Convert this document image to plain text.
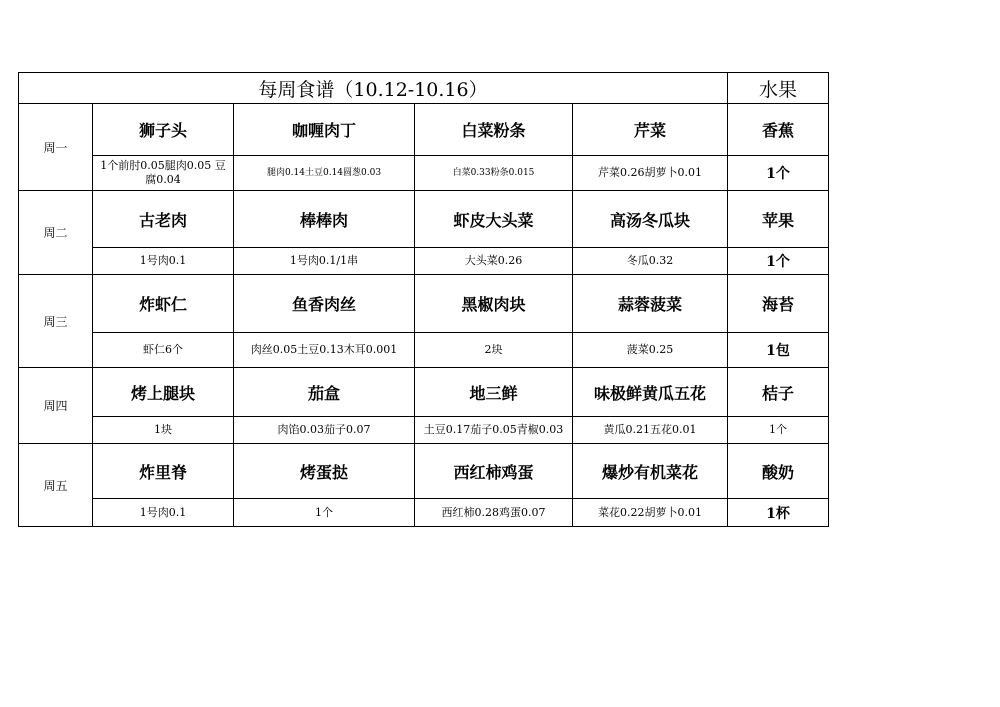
每周食谱（10.12-10.16）					水果
周一	狮子头	咖喱肉丁	白菜粉条	芹菜	香蕉
	1个前肘0.05腿肉0.05 豆腐0.04	腿肉0.14土豆0.14圆葱0.03	白菜0.33粉条0.015	芹菜0.26胡萝卜0.01	1个
周二	古老肉	棒棒肉	虾皮大头菜	高汤冬瓜块	苹果
	1号肉0.1	1号肉0.1/1串	大头菜0.26	冬瓜0.32	1个
周三	炸虾仁	鱼香肉丝	黑椒肉块	蒜蓉菠菜	海苔
	虾仁6个	肉丝0.05土豆0.13木耳0.001	2块	菠菜0.25	1包
周四	烤上腿块	茄盒	地三鲜	味极鲜黄瓜五花	桔子
	1块	肉馅0.03茄子0.07	土豆0.17茄子0.05青椒0.03	黄瓜0.21五花0.01	1个
周五	炸里脊	烤蛋挞	西红柿鸡蛋	爆炒有机菜花	酸奶
	1号肉0.1	1个	西红柿0.28鸡蛋0.07	菜花0.22胡萝卜0.01	1杯
